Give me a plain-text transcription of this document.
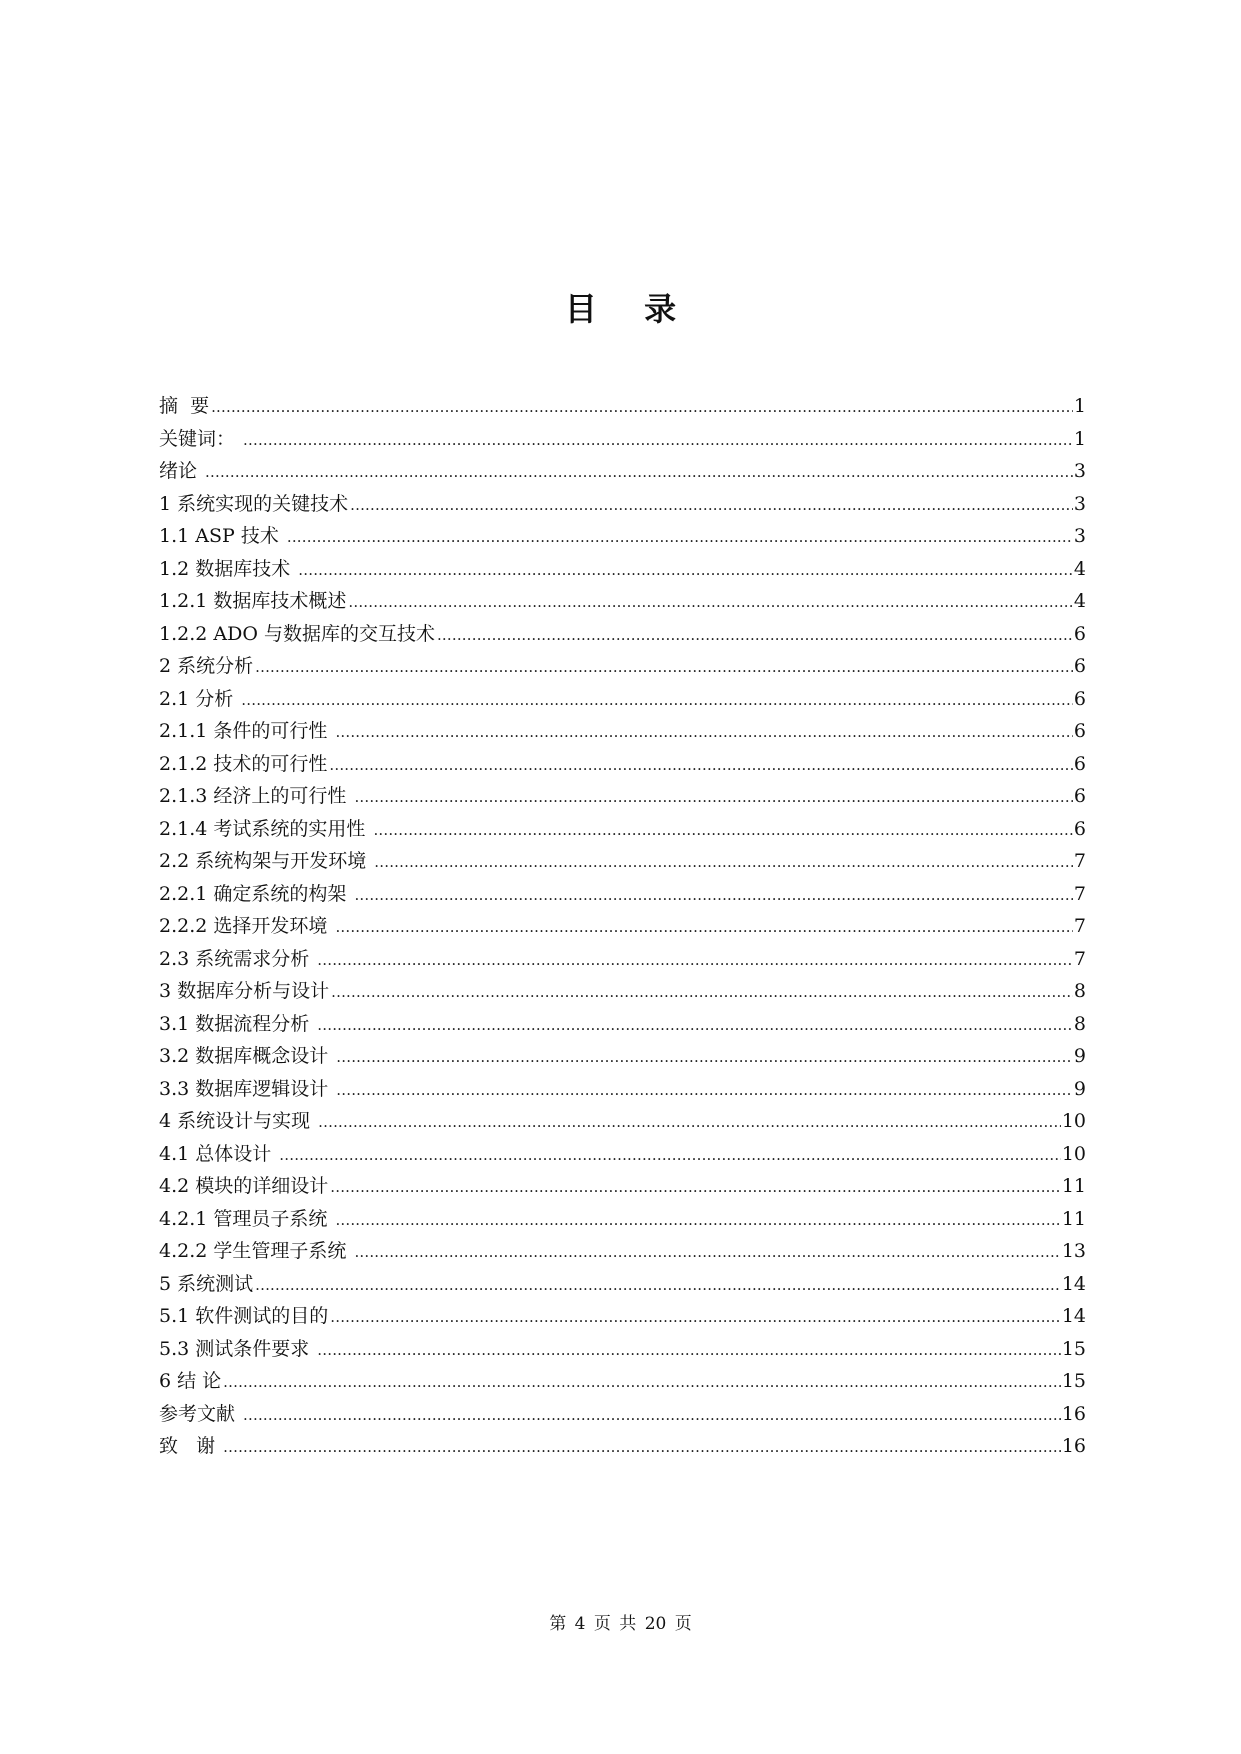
目 录
摘  要 .....	1
关键词： .....	1
绪论 .....	3
1 系统实现的关键技术 .....	3
1.1 ASP 技术 .....	3
1.2 数据库技术 .....	4
1.2.1 数据库技术概述 .....	4
1.2.2 ADO 与数据库的交互技术 .....	6
2 系统分析 .....	6
2.1 分析 .....	6
2.1.1 条件的可行性 .....	6
2.1.2 技术的可行性 .....	6
2.1.3 经济上的可行性 .....	6
2.1.4 考试系统的实用性 .....	6
2.2 系统构架与开发环境 .....	7
2.2.1 确定系统的构架 .....	7
2.2.2 选择开发环境 .....	7
2.3 系统需求分析 .....	7
3 数据库分析与设计 .....	8
3.1 数据流程分析 .....	8
3.2 数据库概念设计 .....	9
3.3 数据库逻辑设计 .....	9
4 系统设计与实现 .....	10
4.1 总体设计 .....	10
4.2 模块的详细设计 .....	11
4.2.1 管理员子系统 .....	11
4.2.2 学生管理子系统 .....	13
5 系统测试 .....	14
5.1 软件测试的目的 .....	14
5.3 测试条件要求 .....	15
6 结 论 .....	15
参考文献 .....	16
致   谢 .....	16
第 4 页 共 20 页
